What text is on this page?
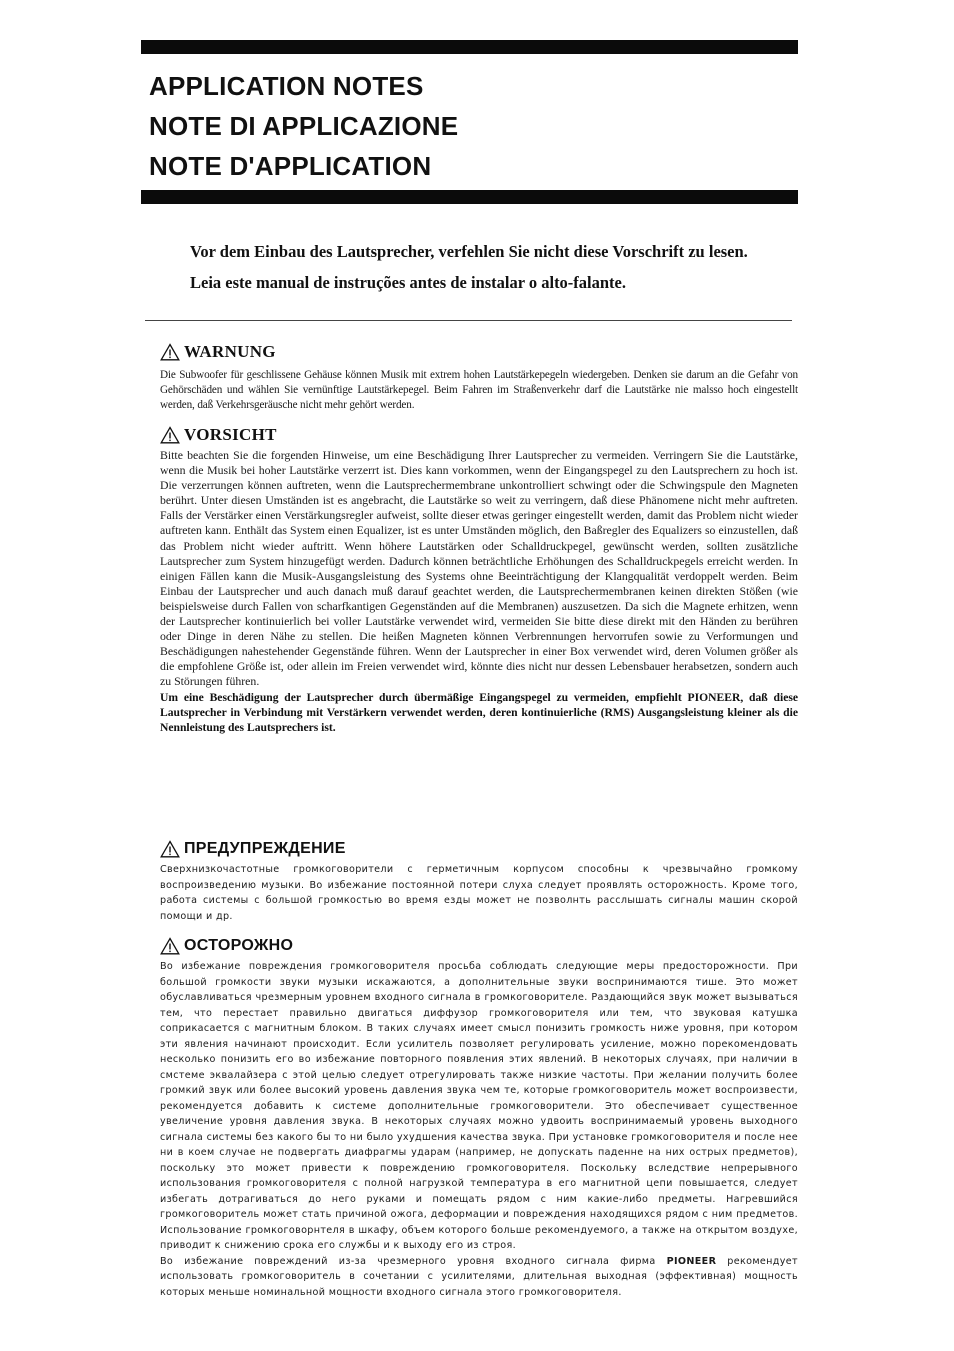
APPLICATION NOTES
NOTE DI APPLICAZIONE
NOTE D'APPLICATION
Vor dem Einbau des Lautsprecher, verfehlen Sie nicht diese Vorschrift zu lesen.
Leia este manual de instruções antes de instalar o alto-falante.
WARNUNG
Die Subwoofer für geschlissene Gehäuse können Musik mit extrem hohen Lautstärkepegeln wiedergeben. Denken sie darum an die Gefahr von Gehörschäden und wählen Sie vernünftige Lautstärkepegel. Beim Fahren im Straßenverkehr darf die Lautstärke nie malsso hoch eingestellt werden, daß Verkehrsgeräusche nicht mehr gehört werden.
VORSICHT
Bitte beachten Sie die forgenden Hinweise, um eine Beschädigung Ihrer Lautsprecher zu vermeiden. Verringern Sie die Lautstärke, wenn die Musik bei hoher Lautstärke verzerrt ist. Dies kann vorkommen, wenn der Eingangspegel zu den Lautsprechern zu hoch ist. Die verzerrungen können auftreten, wenn die Lautsprechermembrane unkontrolliert schwingt oder die Schwingspule den Magneten berührt. Unter diesen Umständen ist es angebracht, die Lautstärke so weit zu verringern, daß diese Phänomene nicht mehr auftreten. Falls der Verstärker einen Verstärkungsregler aufweist, sollte dieser etwas geringer eingestellt werden, damit das Problem nicht wieder auftreten kann. Enthält das System einen Equalizer, ist es unter Umständen möglich, den Baßregler des Equalizers so einzustellen, daß das Problem nicht wieder auftritt. Wenn höhere Lautstärken oder Schalldruckpegel, gewünscht werden, sollten zusätzliche Lautsprecher zum System hinzugefügt werden. Dadurch können beträchtliche Erhöhungen des Schalldruckpegels erreicht werden. In einigen Fällen kann die Musik-Ausgangsleistung des Systems ohne Beeinträchtigung der Klangqualität verdoppelt werden. Beim Einbau der Lautsprecher und auch danach muß darauf geachtet werden, die Lautsprechermembranen keinen direkten Stößen (wie beispielsweise durch Fallen von scharfkantigen Gegenständen auf die Membranen) auszusetzen. Da sich die Magnete erhitzen, wenn der Lautsprecher kontinuierlich bei voller Lautstärke verwendet wird, vermeiden Sie bitte diese direkt mit den Händen zu berühren oder Dinge in deren Nähe zu stellen. Die heißen Magneten können Verbrennungen hervorrufen sowie zu Verformungen und Beschädigungen nahestehender Gegenstände führen. Wenn der Lautsprecher in einer Box verwendet wird, deren Volumen größer als die empfohlene Größe ist, oder allein im Freien verwendet wird, könnte dies nicht nur dessen Lebensbauer herabsetzen, sondern auch zu Störungen führen.
Um eine Beschädigung der Lautsprecher durch übermäßige Eingangspegel zu vermeiden, empfiehlt PIONEER, daß diese Lautsprecher in Verbindung mit Verstärkern verwendet werden, deren kontinuierliche (RMS) Ausgangsleistung kleiner als die Nennleistung des Lautsprechers ist.
ПРЕДУПРЕЖДЕНИЕ
Сверхнизкочастотные громкоговорители с герметичным корпусом способны к чрезвычайно громкому воспроизведению музыки. Во избежание постоянной потери слуха следует проявлять осторожность. Кроме того, работа системы с большой громкостью во время езды может не позволнть расслышать сигналы машин скорой помощи и др.
ОСТОРОЖНО
Во избежание повреждения громкоговорителя просьба соблюдать следующие меры предосторожности. При большой громкости звуки музыки искажаются, а дополнительные звуки воспринимаются тише. Это может обуславливаться чрезмерным уровнем входного сигнала в громкоговорителе. Раздающийся звук может вызываться тем, что перестает правильно двигаться диффузор громкоговорителя или тем, что звуковая катушка соприкасается с магнитным блоком. В таких случаях имеет смысл понизить громкость ниже уровня, при котором эти явления начинают происходит. Если усилитель позволяет регулировать усиление, можно порекомендовать несколько понизить его во избежание повторного появления этих явлений. В некоторых случаях, при наличии в смстеме эквалайзера с этой целью следует отрегулировать также низкие частоты. При желании получить более громкий звук или более высокий уровень давления звука чем те, которые громкоговоритель может воспроизвести, рекомендуется добавить к системе дополнительные громкоговорители. Это обеспечивает существенное увеличение уровня давления звука. В некоторых случаях можно удвоить воспринимаемый уровень выходного сигнала системы без какого бы то ни было ухудшения качества звука. При установке громкоговорителя и после нее ни в коем случае не подвергать диафрагмы ударам (например, не допускать паденне на них острых предметов), поскольку это может привести к повреждению громкоговорителя. Поскольку вследствие непрерывного использования громкоговорителя с полной нагрузкой температура в его магнитной цепи повышается, следует избегать дотрагиваться до него руками и помещать рядом с ним какие-либо предметы. Нагревшийся громкоговоритель может стать причиной ожога, деформации и повреждения находящихся рядом с ним предметов. Использование громкоговорнтеля в шкафу, объем которого больше рекомендуемого, а также на открытом воздухе, приводит к снижению срока его службы и к выходу его из строя.
Во избежание повреждений из-за чрезмерного уровня входного сигнала фирма PIONEER рекомендует использовать громкоговоритель в сочетании с усилителями, длительная выходная (эффективная) мощность которых меньше номинальной мощности входного сигнала этого громкоговорителя.
